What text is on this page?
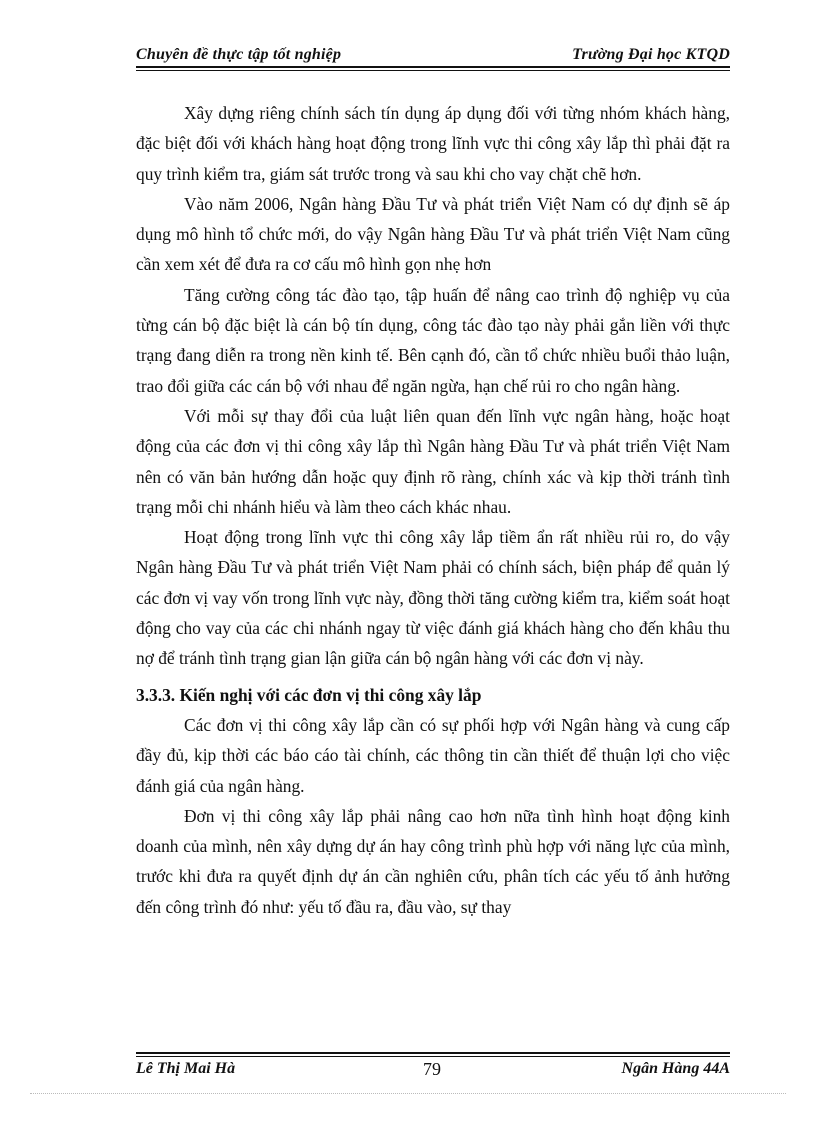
Chuyên đề thực tập tốt nghiệp	Trường Đại học KTQD

Xây dựng riêng chính sách tín dụng áp dụng đối với từng nhóm khách hàng, đặc biệt đối với khách hàng hoạt động trong lĩnh vực thi công xây lắp thì phải đặt ra quy trình kiểm tra, giám sát trước trong và sau khi cho vay chặt chẽ hơn.

Vào năm 2006, Ngân hàng Đầu Tư và phát triển Việt Nam có dự định sẽ áp dụng mô hình tổ chức mới, do vậy Ngân hàng Đầu Tư và phát triển Việt Nam cũng cần xem xét để đưa ra cơ cấu mô hình gọn nhẹ hơn

Tăng cường công tác đào tạo, tập huấn để nâng cao trình độ nghiệp vụ của từng cán bộ đặc biệt là cán bộ tín dụng, công tác đào tạo này phải gắn liền với thực trạng đang diễn ra trong nền kinh tế. Bên cạnh đó, cần tổ chức nhiều buổi thảo luận, trao đổi giữa các cán bộ với nhau để ngăn ngừa, hạn chế rủi ro cho ngân hàng.

Với mỗi sự thay đổi của luật liên quan đến lĩnh vực ngân hàng, hoặc hoạt động của các đơn vị thi công xây lắp thì Ngân hàng Đầu Tư và phát triển Việt Nam nên có văn bản hướng dẫn hoặc quy định rõ ràng, chính xác và kịp thời tránh tình trạng mỗi chi nhánh hiểu và làm theo cách khác nhau.

Hoạt động trong lĩnh vực thi công xây lắp tiềm ẩn rất nhiều rủi ro, do vậy Ngân hàng Đầu Tư và phát triển Việt Nam phải có chính sách, biện pháp để quản lý các đơn vị vay vốn trong lĩnh vực này, đồng thời tăng cường kiểm tra, kiểm soát hoạt động cho vay của các chi nhánh ngay từ việc đánh giá khách hàng cho đến khâu thu nợ để tránh tình trạng gian lận giữa cán bộ ngân hàng với các đơn vị này.

3.3.3. Kiến nghị với các đơn vị thi công xây lắp

Các đơn vị thi công xây lắp cần có sự phối hợp với Ngân hàng và cung cấp đầy đủ, kịp thời các báo cáo tài chính, các thông tin cần thiết để thuận lợi cho việc đánh giá của ngân hàng.

Đơn vị thi công xây lắp phải nâng cao hơn nữa tình hình hoạt động kinh doanh của mình, nên xây dựng dự án hay công trình phù hợp với năng lực của mình, trước khi đưa ra quyết định dự án cần nghiên cứu, phân tích các yếu tố ảnh hưởng đến công trình đó như: yếu tố đầu ra, đầu vào, sự thay

Lê Thị Mai Hà	79	Ngân Hàng 44A
